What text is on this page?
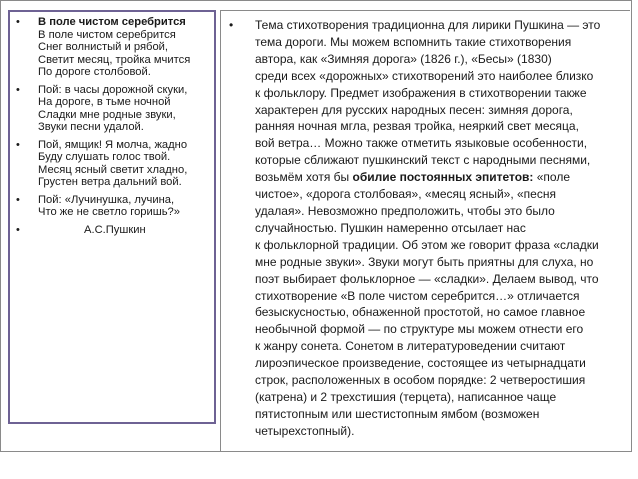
• В поле чистом серебрится
В поле чистом серебрится
Снег волнистый и рябой,
Светит месяц, тройка мчится
По дороге столбовой.
• Пой: в часы дорожной скуки,
На дороге, в тьме ночной
Сладки мне родные звуки,
Звуки песни удалой.
• Пой, ямщик! Я молча, жадно
Буду слушать голос твой.
Месяц ясный светит хладно,
Грустен ветра дальний вой.
• Пой: «Лучинушка, лучина,
Что же не светло горишь?»
•	А.С.Пушкин
• Тема стихотворения традиционна для лирики Пушкина — это
тема дороги. Мы можем вспомнить такие стихотворения
автора, как «Зимняя дорога» (1826 г.), «Бесы» (1830)
среди всех «дорожных» стихотворений это наиболее близко
к фольклору. Предмет изображения в стихотворении также
характерен для русских народных песен: зимняя дорога,
ранняя ночная мгла, резвая тройка, неяркий свет месяца,
вой ветра… Можно также отметить языковые особенности,
которые сближают пушкинский текст с народными песнями,
возьмём хотя бы обилие постоянных эпитетов: «поле
чистое», «дорога столбовая», «месяц ясный», «песня
удалая». Невозможно предположить, чтобы это было
случайностью. Пушкин намеренно отсылает нас
к фольклорной традиции. Об этом же говорит фраза «сладки
мне родные звуки». Звуки могут быть приятны для слуха, но
поэт выбирает фольклорное — «сладки». Делаем вывод, что
стихотворение «В поле чистом серебрится…» отличается
безыскусностью, обнаженной простотой, но самое главное
необычной формой — по структуре мы можем отнести его
к жанру сонета. Сонетом в литературоведении считают
лироэпическое произведение, состоящее из четырнадцати
строк, расположенных в особом порядке: 2 четверостишия
(катрена) и 2 трехстишия (терцета), написанное чаще
пятистопным или шестистопным ямбом (возможен
четырехстопный).
